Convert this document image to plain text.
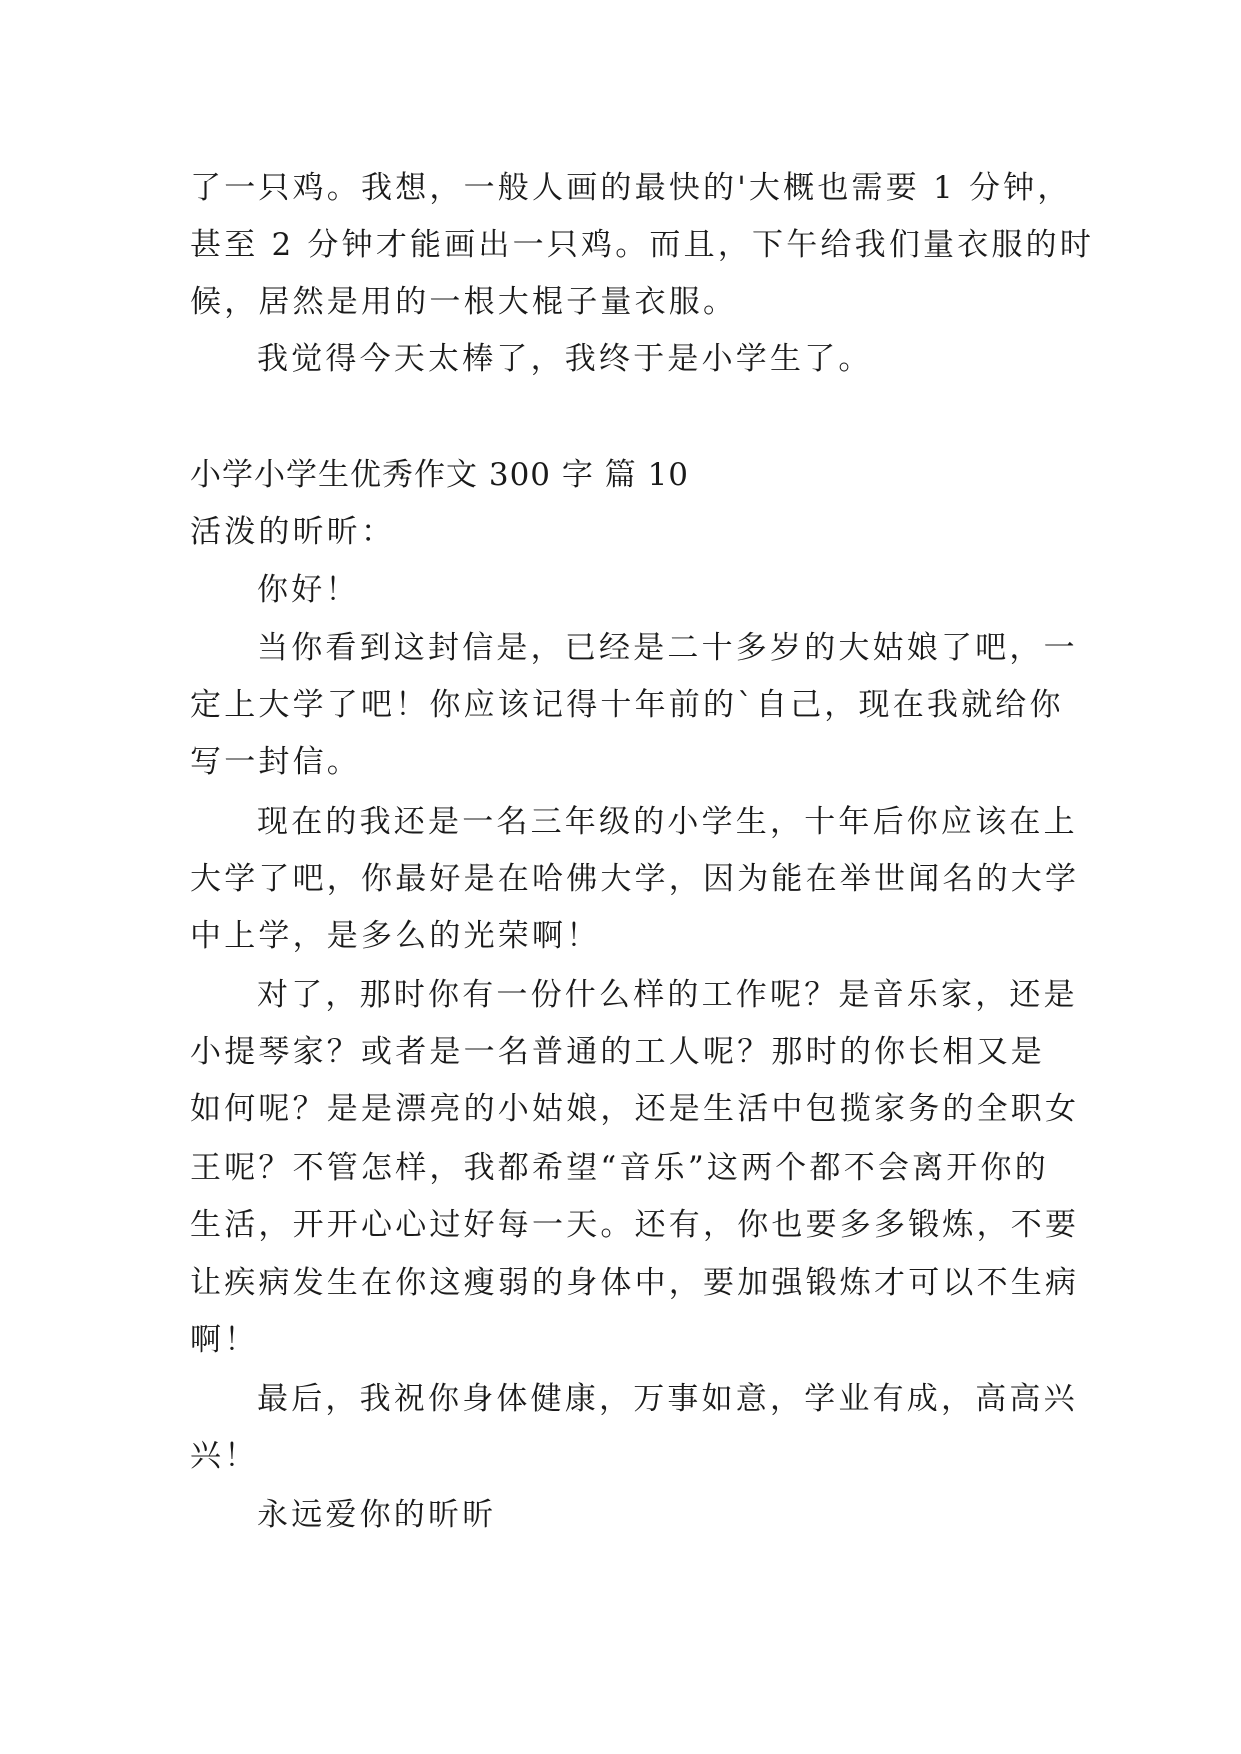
了一只鸡。我想，一般人画的最快的'大概也需要 1 分钟，
甚至 2 分钟才能画出一只鸡。而且，下午给我们量衣服的时
候，居然是用的一根大棍子量衣服。
我觉得今天太棒了，我终于是小学生了。
小学小学生优秀作文 300 字 篇 10
活泼的昕昕：
你好！
当你看到这封信是，已经是二十多岁的大姑娘了吧，一
定上大学了吧！你应该记得十年前的`自己，现在我就给你
写一封信。
现在的我还是一名三年级的小学生，十年后你应该在上
大学了吧，你最好是在哈佛大学，因为能在举世闻名的大学
中上学，是多么的光荣啊！
对了，那时你有一份什么样的工作呢？是音乐家，还是
小提琴家？或者是一名普通的工人呢？那时的你长相又是
如何呢？是是漂亮的小姑娘，还是生活中包揽家务的全职女
王呢？不管怎样，我都希望“音乐”这两个都不会离开你的
生活，开开心心过好每一天。还有，你也要多多锻炼，不要
让疾病发生在你这瘦弱的身体中，要加强锻炼才可以不生病
啊！
最后，我祝你身体健康，万事如意，学业有成，高高兴
兴！
永远爱你的昕昕
